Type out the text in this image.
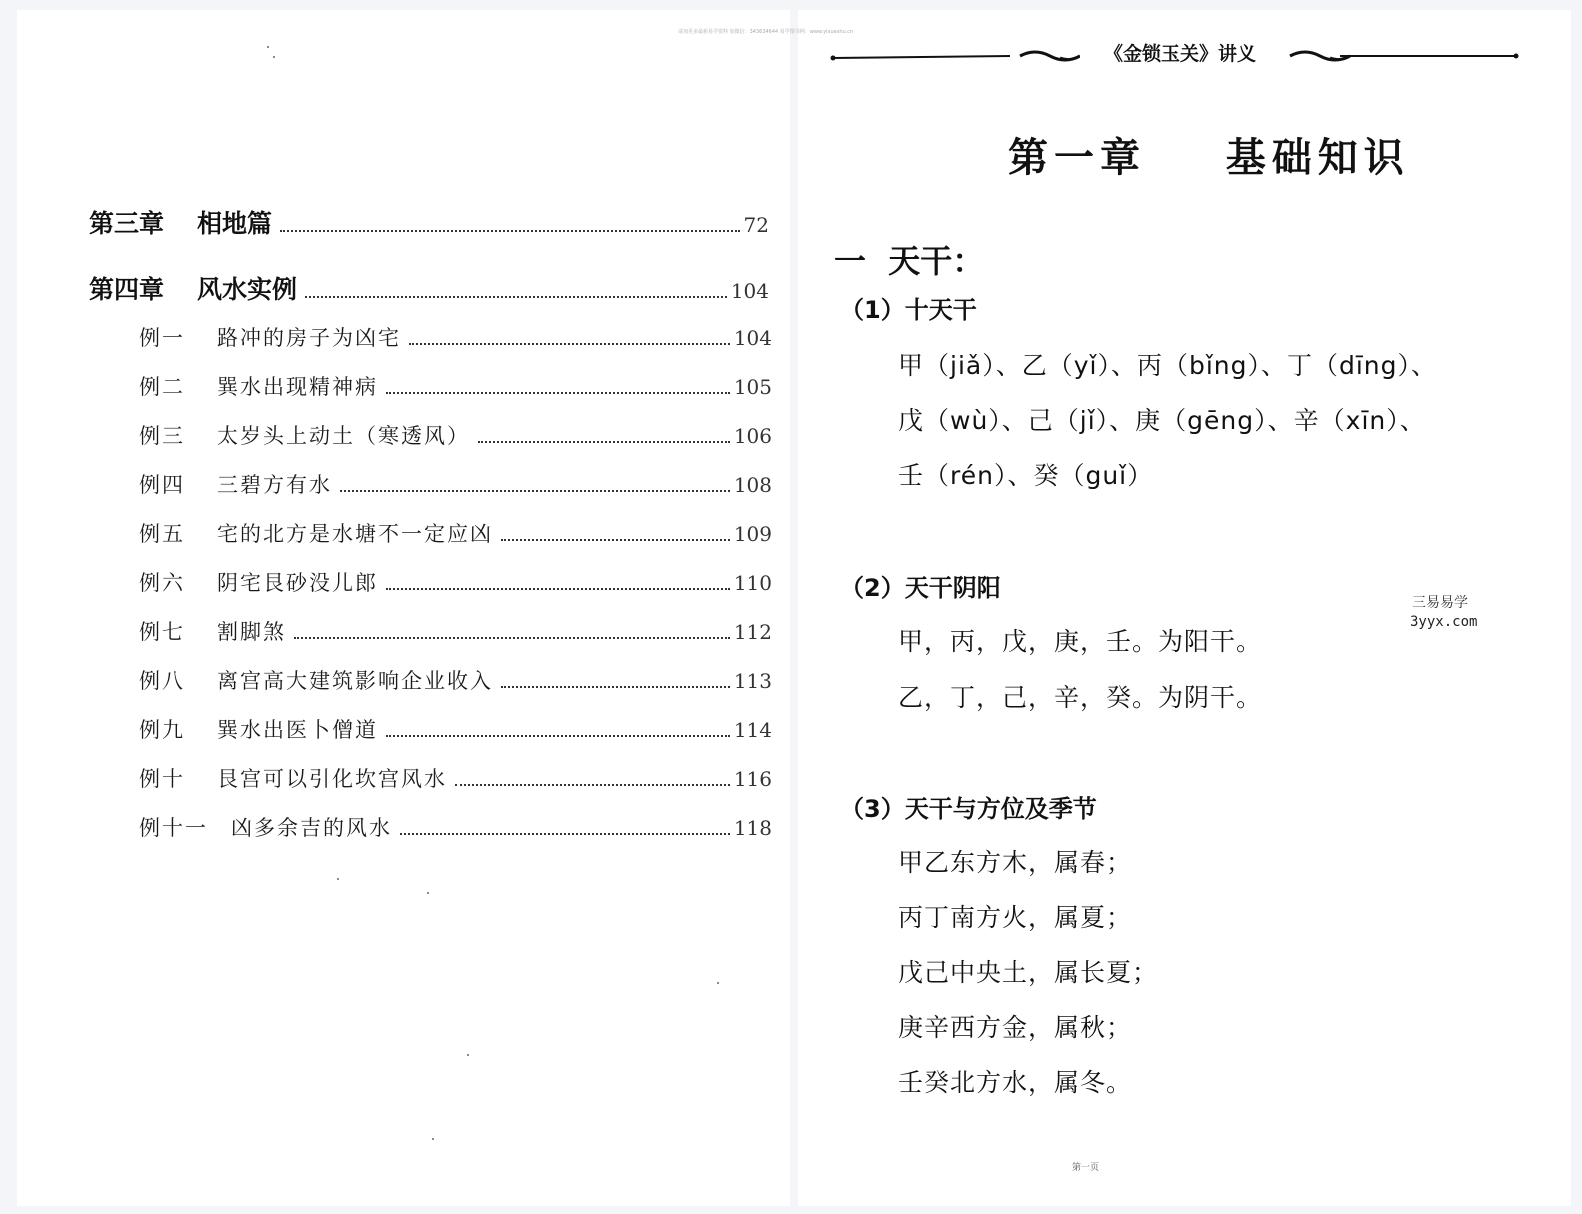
第三章	相地篇	72
第四章	风水实例	104
例一	路冲的房子为凶宅	104
例二	巽水出现精神病	105
例三	太岁头上动土（寒透风）	106
例四	三碧方有水	108
例五	宅的北方是水塘不一定应凶	109
例六	阴宅艮砂没儿郎	110
例七	割脚煞	112
例八	离宫高大建筑影响企业收入	113
例九	巽水出医卜僧道	114
例十	艮宫可以引化坎宫风水	116
例十一	凶多余吉的风水	118
请加更多最新易学资料 加微信：343634644 易学图书网：www.yixueshu.cn
《金锁玉关》讲义
第一章    基础知识
一  天干：
（1）十天干
甲（jiǎ）、乙（yǐ）、丙（bǐng）、丁（dīng）、
戊（wù）、己（jǐ）、庚（gēng）、辛（xīn）、
壬（rén）、癸（guǐ）
（2）天干阴阳
甲，丙，戊，庚，壬。为阳干。
乙，丁，己，辛，癸。为阴干。
三易易学
3yyx.com
（3）天干与方位及季节
甲乙东方木，属春；
丙丁南方火，属夏；
戊己中央土，属长夏；
庚辛西方金，属秋；
壬癸北方水，属冬。
第一页
